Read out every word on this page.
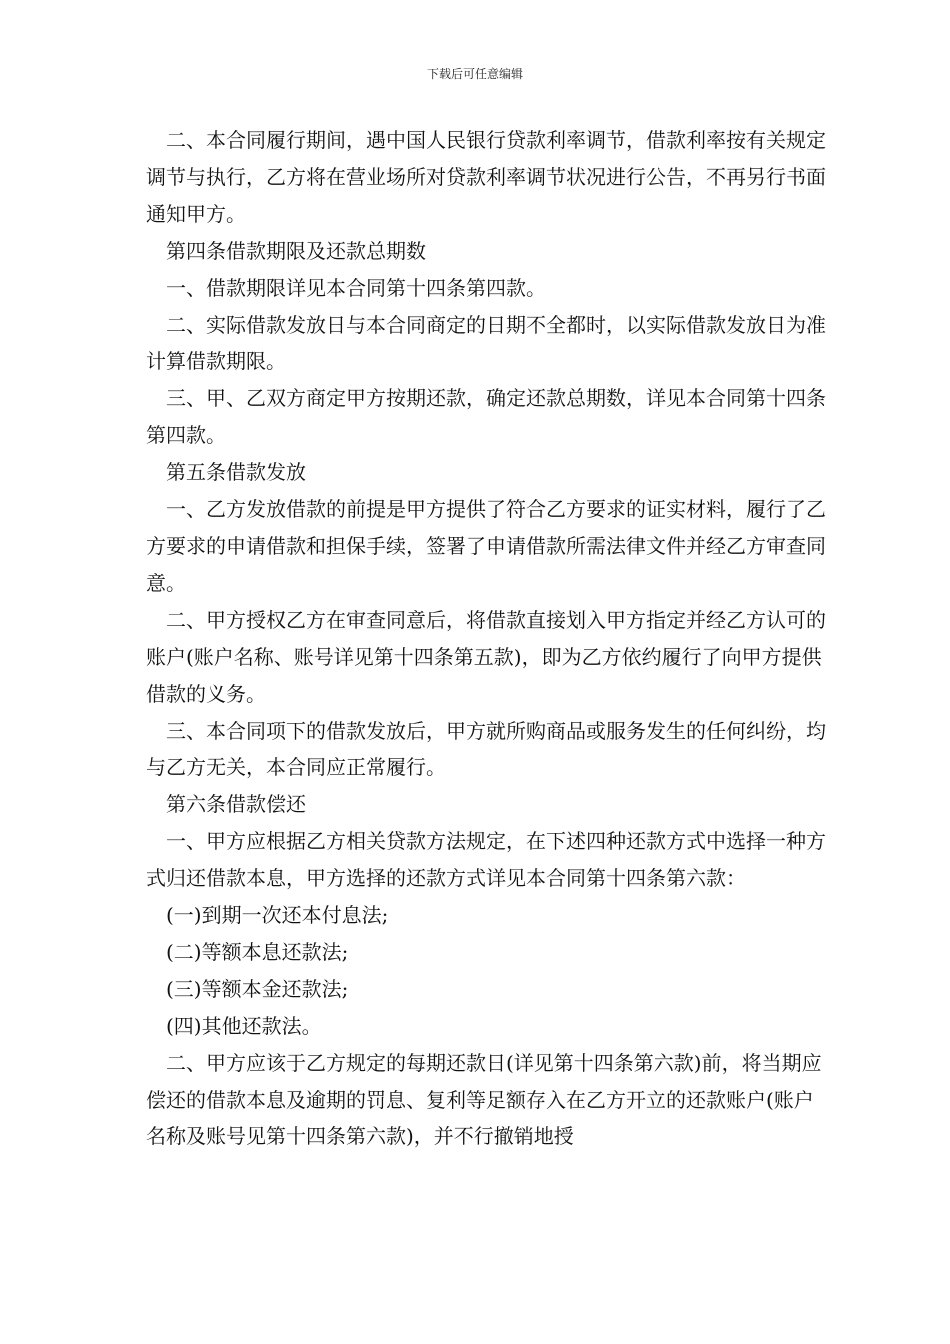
下载后可任意编辑

二、本合同履行期间，遇中国人民银行贷款利率调节，借款利率按有关规定调节与执行，乙方将在营业场所对贷款利率调节状况进行公告，不再另行书面通知甲方。

第四条借款期限及还款总期数

一、借款期限详见本合同第十四条第四款。

二、实际借款发放日与本合同商定的日期不全都时，以实际借款发放日为准计算借款期限。

三、甲、乙双方商定甲方按期还款，确定还款总期数，详见本合同第十四条第四款。

第五条借款发放

一、乙方发放借款的前提是甲方提供了符合乙方要求的证实材料，履行了乙方要求的申请借款和担保手续，签署了申请借款所需法律文件并经乙方审查同意。

二、甲方授权乙方在审查同意后，将借款直接划入甲方指定并经乙方认可的账户(账户名称、账号详见第十四条第五款)，即为乙方依约履行了向甲方提供借款的义务。

三、本合同项下的借款发放后，甲方就所购商品或服务发生的任何纠纷，均与乙方无关，本合同应正常履行。

第六条借款偿还

一、甲方应根据乙方相关贷款方法规定，在下述四种还款方式中选择一种方式归还借款本息，甲方选择的还款方式详见本合同第十四条第六款：

(一)到期一次还本付息法;

(二)等额本息还款法;

(三)等额本金还款法;

(四)其他还款法。

二、甲方应该于乙方规定的每期还款日(详见第十四条第六款)前，将当期应偿还的借款本息及逾期的罚息、复利等足额存入在乙方开立的还款账户(账户名称及账号见第十四条第六款)，并不行撤销地授
